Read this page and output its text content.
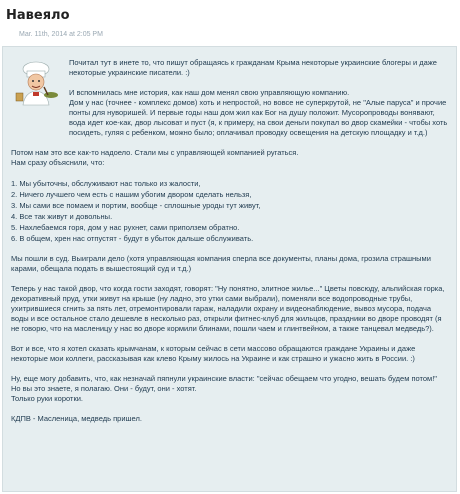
Навеяло
Mar. 11th, 2014 at 2:05 PM

Почитал тут в инете то, что пишут обращаясь к гражданам Крыма некоторые украинские блогеры и даже некоторые украинские писатели. :)

И вспомнилась мне история, как наш дом менял свою управляющую компанию.
Дом у нас (точнее - комплекс домов) хоть и непростой, но вовсе не суперкрутой, не "Алые паруса" и прочие понты для нуворишей. И первые годы наш дом жил как Бог на душу положит. Мусоропроводы вонявают, вода идет кое-как, двор лысоват и пуст (я, к примеру, на свои деньги покупал во двор скамейки - чтобы хоть посидеть, гуляя с ребенком, можно было; оплачивал проводку освещения на детскую площадку и т.д.)

Потом нам это все как-то надоело. Стали мы с управляющей компанией ругаться.
Нам сразу объяснили, что:

1. Мы убыточны, обслуживают нас только из жалости,
2. Ничего лучшего чем есть с нашим убогим двором сделать нельзя,
3. Мы сами все помаем и портим, вообще - сплошные уроды тут живут,
4. Все так живут и довольны.
5. Нахлебаемся горя, дом у нас рухнет, сами приползем обратно.
6. В общем, хрен нас отпустят - будут в убыток дальше обслуживать.

Мы пошли в суд. Выиграли дело (хотя управляющая компания сперла все документы, планы дома, грозила страшными карами, обещала подать в вышестоящий суд и т.д.)

Теперь у нас такой двор, что когда гости заходят, говорят: "Ну понятно, элитное жилье..." Цветы повсюду, альпийская горка, декоративный пруд, утки живут на крыше (ну ладно, это утки сами выбрали), поменяли все водопроводные трубы, ухитрившиеся сгнить за пять лет, отремонтировали гараж, наладили охрану и видеонаблюдение, вывоз мусора, подача воды и все остальное стало дешевле в несколько раз, открыли фитнес-клуб для жильцов, праздники во дворе проводят (я не говорю, что на масленицу у нас во дворе кормили блинами, пошли чаем и глинтвейном, а также танцевал медведь?).

Вот и все, что я хотел сказать крымчанам, к которым сейчас в сети массово обращаются граждане Украины и даже некоторые мои коллеги, рассказывая как клево Крыму жилось на Украине и как страшно и ужасно жить в России. :)

Ну, еще могу добавить, что, как незначай пяпнули украинские власти: "сейчас обещаем что угодно, вешать будем потом!" Но вы это знаете, я полагаю. Они - будут, они - хотят.
Только руки коротки.

КДПВ - Масленица, медведь пришел.
